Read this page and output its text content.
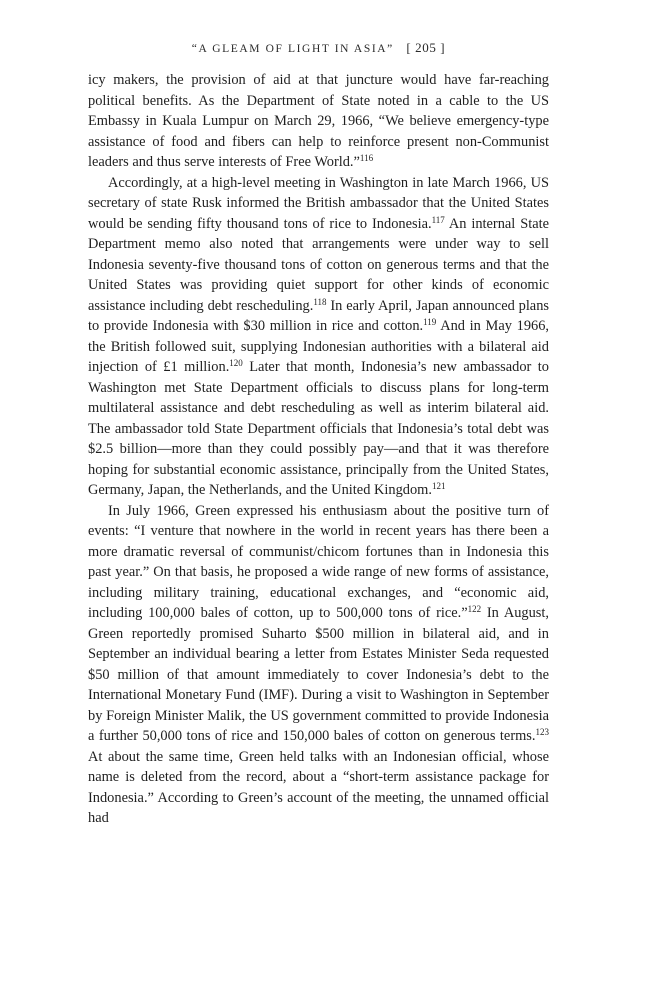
“A GLEAM OF LIGHT IN ASIA” [ 205 ]

icy makers, the provision of aid at that juncture would have far-reaching political benefits. As the Department of State noted in a cable to the US Embassy in Kuala Lumpur on March 29, 1966, “We believe emergency-type assistance of food and fibers can help to reinforce present non-Communist leaders and thus serve interests of Free World.”$^{116}$

Accordingly, at a high-level meeting in Washington in late March 1966, US secretary of state Rusk informed the British ambassador that the United States would be sending fifty thousand tons of rice to Indonesia.$^{117}$ An internal State Department memo also noted that arrangements were under way to sell Indonesia seventy-five thousand tons of cotton on generous terms and that the United States was providing quiet support for other kinds of economic assistance including debt rescheduling.$^{118}$ In early April, Japan announced plans to provide Indonesia with $30 million in rice and cotton.$^{119}$ And in May 1966, the British followed suit, supplying Indonesian authorities with a bilateral aid injection of £1 million.$^{120}$ Later that month, Indonesia’s new ambassador to Washington met State Department officials to discuss plans for long-term multilateral assistance and debt rescheduling as well as interim bilateral aid. The ambassador told State Department officials that Indonesia’s total debt was $2.5 billion—more than they could possibly pay—and that it was therefore hoping for substantial economic assistance, principally from the United States, Germany, Japan, the Netherlands, and the United Kingdom.$^{121}$

In July 1966, Green expressed his enthusiasm about the positive turn of events: “I venture that nowhere in the world in recent years has there been a more dramatic reversal of communist/chicom fortunes than in Indonesia this past year.” On that basis, he proposed a wide range of new forms of assistance, including military training, educational exchanges, and “economic aid, including 100,000 bales of cotton, up to 500,000 tons of rice.”$^{122}$ In August, Green reportedly promised Suharto $500 million in bilateral aid, and in September an individual bearing a letter from Estates Minister Seda requested $50 million of that amount immediately to cover Indonesia’s debt to the International Monetary Fund (IMF). During a visit to Washington in September by Foreign Minister Malik, the US government committed to provide Indonesia a further 50,000 tons of rice and 150,000 bales of cotton on generous terms.$^{123}$ At about the same time, Green held talks with an Indonesian official, whose name is deleted from the record, about a “short-term assistance package for Indonesia.” According to Green’s account of the meeting, the unnamed official had
